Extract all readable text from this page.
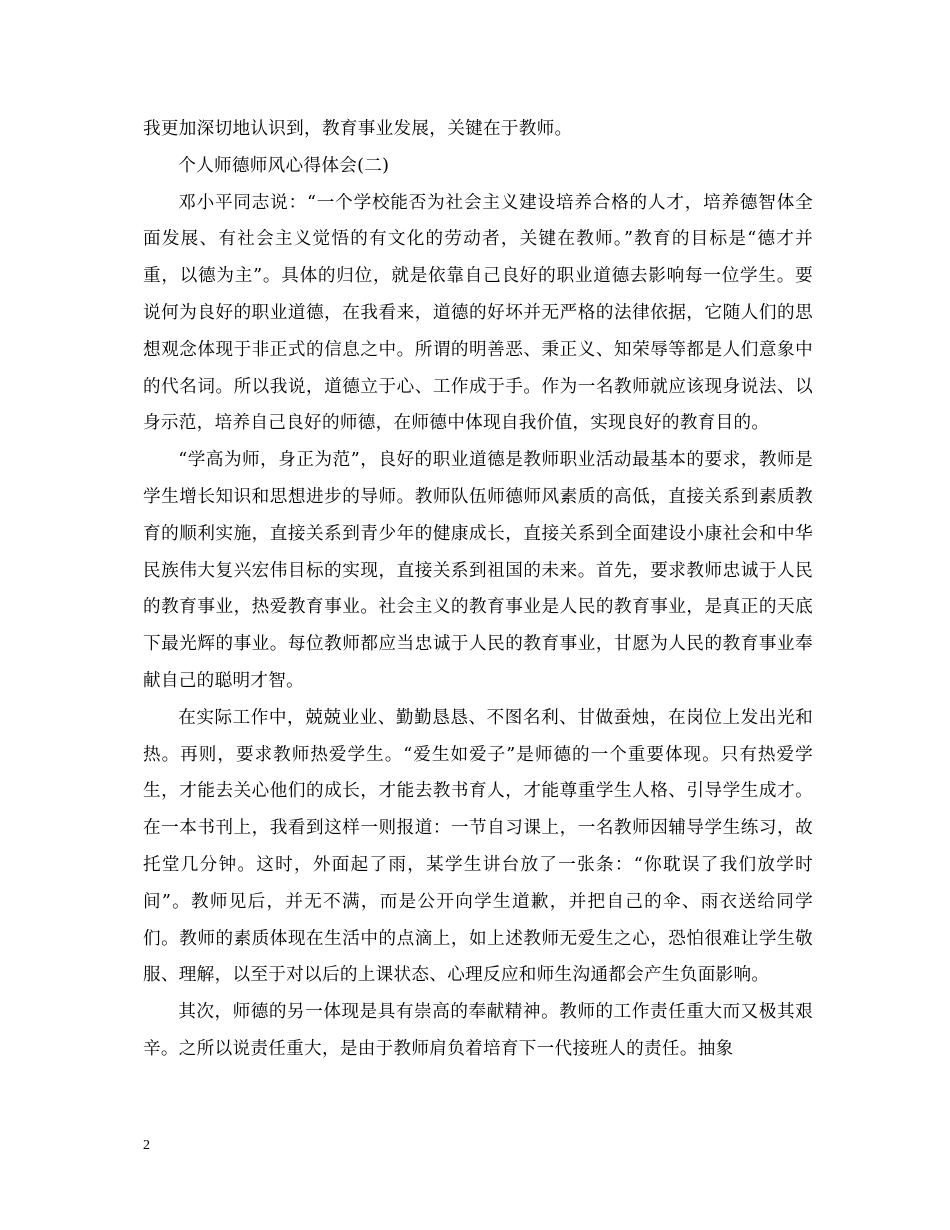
我更加深切地认识到，教育事业发展，关键在于教师。

个人师德师风心得体会(二)

邓小平同志说：“一个学校能否为社会主义建设培养合格的人才，培养德智体全面发展、有社会主义觉悟的有文化的劳动者，关键在教师。”教育的目标是“德才并重，以德为主”。具体的归位，就是依靠自己良好的职业道德去影响每一位学生。要说何为良好的职业道德，在我看来，道德的好坏并无严格的法律依据，它随人们的思想观念体现于非正式的信息之中。所谓的明善恶、秉正义、知荣辱等都是人们意象中的代名词。所以我说，道德立于心、工作成于手。作为一名教师就应该现身说法、以身示范，培养自己良好的师德，在师德中体现自我价值，实现良好的教育目的。

“学高为师，身正为范”，良好的职业道德是教师职业活动最基本的要求，教师是学生增长知识和思想进步的导师。教师队伍师德师风素质的高低，直接关系到素质教育的顺利实施，直接关系到青少年的健康成长，直接关系到全面建设小康社会和中华民族伟大复兴宏伟目标的实现，直接关系到祖国的未来。首先，要求教师忠诚于人民的教育事业，热爱教育事业。社会主义的教育事业是人民的教育事业，是真正的天底下最光辉的事业。每位教师都应当忠诚于人民的教育事业，甘愿为人民的教育事业奉献自己的聪明才智。

在实际工作中，兢兢业业、勤勤恳恳、不图名利、甘做蚕烛，在岗位上发出光和热。再则，要求教师热爱学生。“爱生如爱子”是师德的一个重要体现。只有热爱学生，才能去关心他们的成长，才能去教书育人，才能尊重学生人格、引导学生成才。在一本书刊上，我看到这样一则报道：一节自习课上，一名教师因辅导学生练习，故托堂几分钟。这时，外面起了雨，某学生讲台放了一张条：“你耽误了我们放学时间”。教师见后，并无不满，而是公开向学生道歉，并把自己的伞、雨衣送给同学们。教师的素质体现在生活中的点滴上，如上述教师无爱生之心，恐怕很难让学生敬服、理解，以至于对以后的上课状态、心理反应和师生沟通都会产生负面影响。

其次，师德的另一体现是具有崇高的奉献精神。教师的工作责任重大而又极其艰辛。之所以说责任重大，是由于教师肩负着培育下一代接班人的责任。抽象

2
